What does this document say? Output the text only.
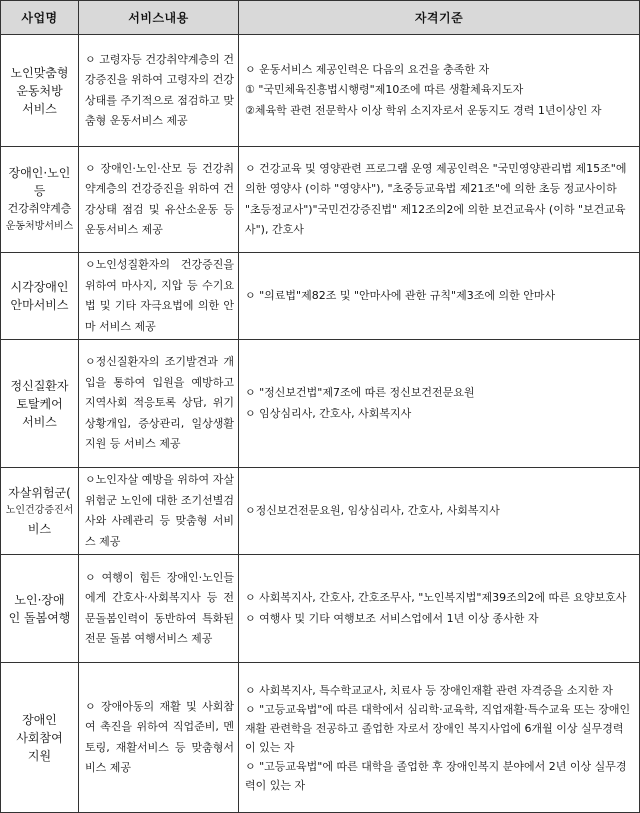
사업명	서비스내용	자격기준

노인맞춤형
운동처방
서비스	ㅇ 고령자등 건강취약계층의 건강증진을 위하여 고령자의 건강상태를 주기적으로 점검하고 맞춤형 운동서비스 제공	ㅇ 운동서비스 제공인력은 다음의 요건을 충족한 자
① "국민체육진흥법시행령"제10조에 따른 생활체육지도자
②체육학 관련 전문학사 이상 학위 소지자로서 운동지도 경력 1년이상인 자

장애인·노인
등
건강취약계층
운동처방서비스	ㅇ 장애인·노인·산모 등 건강취약계층의 건강증진을 위하여 건강상태 점검 및 유산소운동 등 운동서비스 제공	ㅇ 건강교육 및 영양관련 프로그램 운영 제공인력은 "국민영양관리법 제15조"에 의한 영양사 (이하 "영양사"), "초중등교육법 제21조"에 의한 초등 정교사이하 "초등정교사")"국민건강증진법" 제12조의2에 의한 보건교육사 (이하 "보건교육사"), 간호사

시각장애인
안마서비스	ㅇ노인성질환자의 건강증진을 위하여 마사지, 지압 등 수기요법 및 기타 자극요법에 의한 안마 서비스 제공	ㅇ "의료법"제82조 및 "안마사에 관한 규칙"제3조에 의한 안마사

정신질환자
토탈케어
서비스	ㅇ정신질환자의 조기발견과 개입을 통하여 입원을 예방하고 지역사회 적응토록 상담, 위기상황개입, 증상관리, 일상생활지원 등 서비스 제공	ㅇ "정신보건법"제7조에 따른 정신보건전문요원
ㅇ 임상심리사, 간호사, 사회복지사

자살위험군(
노인건강증진서
비스	ㅇ노인자살 예방을 위하여 자살 위험군 노인에 대한 조기선별검사와 사례관리 등 맞춤형 서비스 제공	ㅇ정신보건전문요원, 임상심리사, 간호사, 사회복지사

노인·장애
인 돌봄여행	ㅇ 여행이 힘든 장애인·노인들에게 간호사·사회복지사 등 전문돌봄인력이 동반하여 특화된 전문 돌봄 여행서비스 제공	ㅇ 사회복지사, 간호사, 간호조무사, "노인복지법"제39조의2에 따른 요양보호사
ㅇ 여행사 및 기타 여행보조 서비스업에서 1년 이상 종사한 자

장애인
사회참여
지원	ㅇ 장애아동의 재활 및 사회참여 촉진을 위하여 직업준비, 멘토링, 재활서비스 등 맞춤형서비스 제공	ㅇ 사회복지사, 특수학교교사, 치료사 등 장애인재활 관련 자격증을 소지한 자
ㅇ "고등교육법"에 따른 대학에서 심리학·교육학, 직업재활·특수교육 또는 장애인 재활 관련학을 전공하고 졸업한 자로서 장애인 복지사업에 6개월 이상 실무경력이 있는 자
ㅇ "고등교육법"에 따른 대학을 졸업한 후 장애인복지 분야에서 2년 이상 실무경력이 있는 자
